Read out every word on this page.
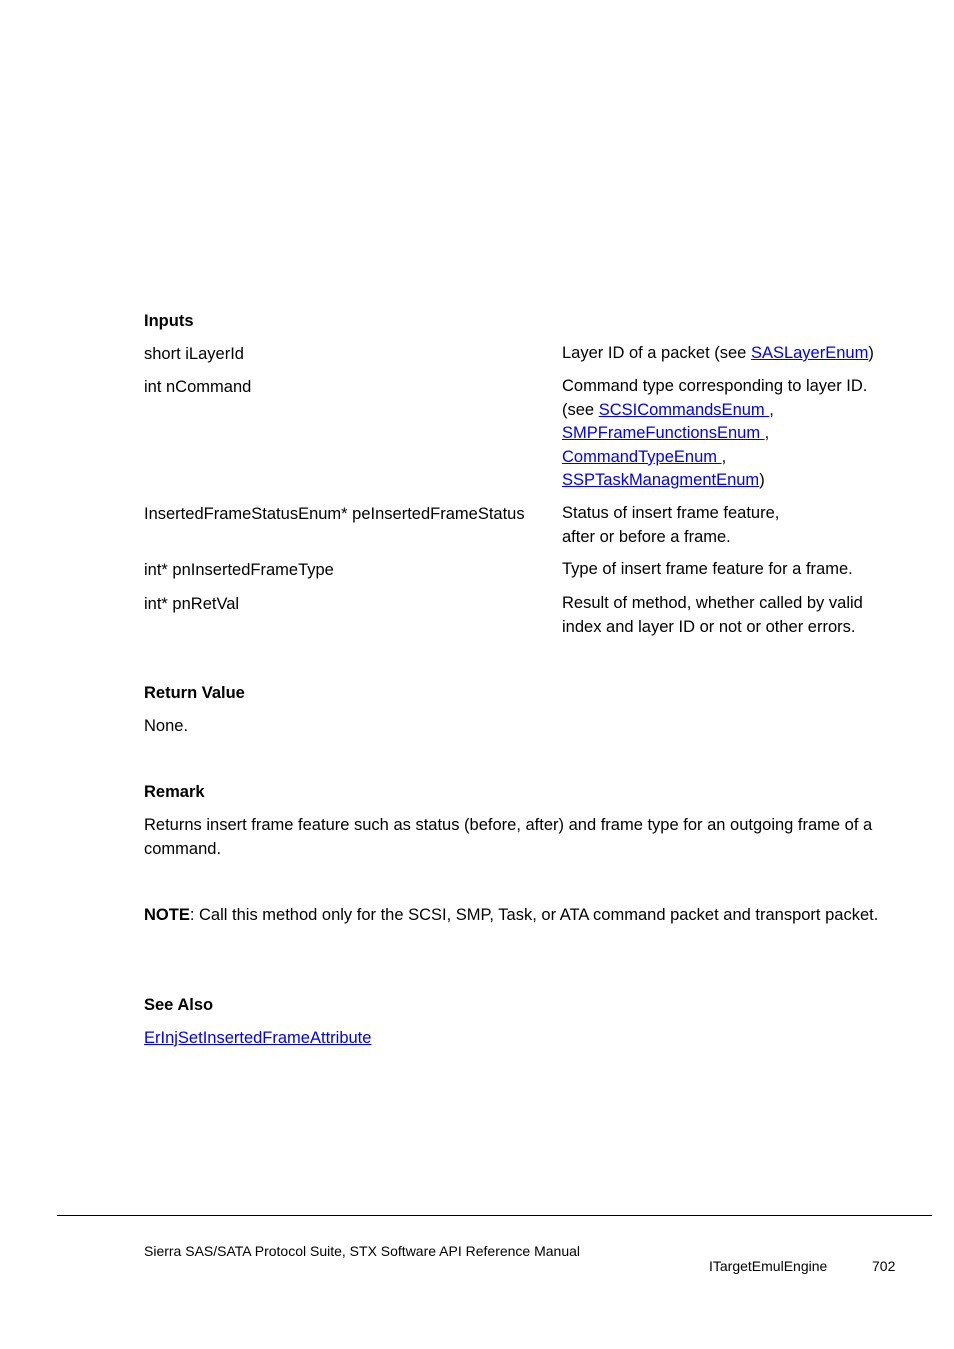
Inputs
short iLayerId	Layer ID of a packet (see SASLayerEnum)
int nCommand	Command type corresponding to layer ID.
(see SCSICommandsEnum ,
SMPFrameFunctionsEnum ,
CommandTypeEnum ,
SSPTaskManagmentEnum)
InsertedFrameStatusEnum* peInsertedFrameStatus Status of insert frame feature,
after or before a frame.
int* pnInsertedFrameType	Type of insert frame feature for a frame.
int* pnRetVal	Result of method, whether called by valid
index and layer ID or not or other errors.
Return Value
None.
Remark
Returns insert frame feature such as status (before, after) and frame type for an outgoing frame of a command.
NOTE: Call this method only for the SCSI, SMP, Task, or ATA command packet and transport packet.
See Also
ErInjSetInsertedFrameAttribute
Sierra SAS/SATA Protocol Suite, STX Software API Reference Manual
ITargetEmulEngine	702
